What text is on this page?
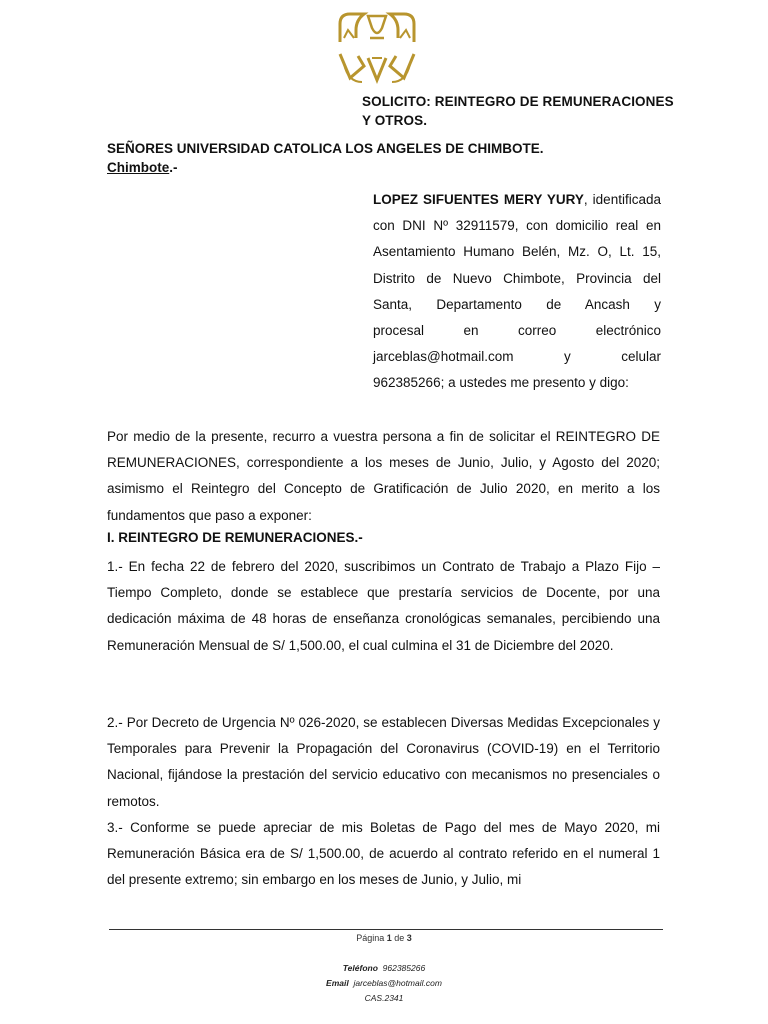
SOLICITO: REINTEGRO DE REMUNERACIONES
Y OTROS.
SEÑORES UNIVERSIDAD CATOLICA LOS ANGELES DE CHIMBOTE.
Chimbote.-
LOPEZ SIFUENTES MERY YURY, identificada
con DNI Nº 32911579, con domicilio real en
Asentamiento Humano Belén, Mz. O, Lt. 15,
Distrito de Nuevo Chimbote, Provincia del
Santa, Departamento de Ancash y
procesal en correo electrónico
jarceblas@hotmail.com y celular
962385266; a ustedes me presento y digo:
Por medio de la presente, recurro a vuestra persona a fin de solicitar el REINTEGRO DE REMUNERACIONES, correspondiente a los meses de Junio, Julio, y Agosto del 2020; asimismo el Reintegro del Concepto de Gratificación de Julio 2020, en merito a los fundamentos que paso a exponer:
I. REINTEGRO DE REMUNERACIONES.-
1.- En fecha 22 de febrero del 2020, suscribimos un Contrato de Trabajo a Plazo Fijo – Tiempo Completo, donde se establece que prestaría servicios de Docente, por una dedicación máxima de 48 horas de enseñanza cronológicas semanales, percibiendo una Remuneración Mensual de S/ 1,500.00, el cual culmina el 31 de Diciembre del 2020.
2.- Por Decreto de Urgencia Nº 026-2020, se establecen Diversas Medidas Excepcionales y Temporales para Prevenir la Propagación del Coronavirus (COVID-19) en el Territorio Nacional, fijándose la prestación del servicio educativo con mecanismos no presenciales o remotos.
3.- Conforme se puede apreciar de mis Boletas de Pago del mes de Mayo 2020, mi Remuneración Básica era de S/ 1,500.00, de acuerdo al contrato referido en el numeral 1 del presente extremo; sin embargo en los meses de Junio, y Julio, mi
Página 1 de 3
Teléfono 962385266
Email jarceblas@hotmail.com
CAS.2341
